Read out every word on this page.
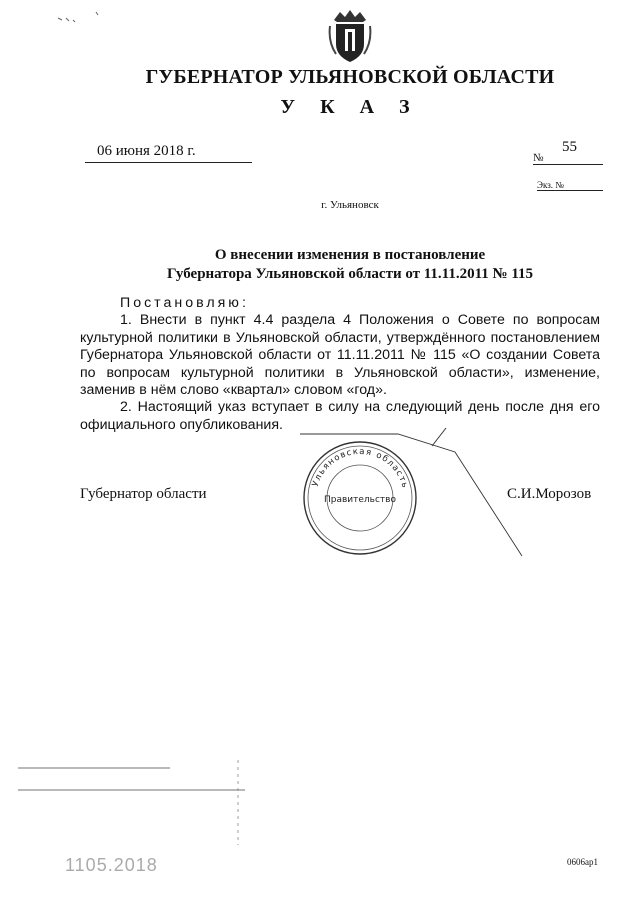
ГУБЕРНАТОР УЛЬЯНОВСКОЙ ОБЛАСТИ
У К А З
06 июня 2018 г.	55
№
Экз. №
г. Ульяновск
О внесении изменения в постановление
Губернатора Ульяновской области от 11.11.2011 № 115
Постановляю:

1. Внести в пункт 4.4 раздела 4 Положения о Совете по вопросам культурной политики в Ульяновской области, утверждённого постановлением Губернатора Ульяновской области от 11.11.2011 № 115 «О создании Совета по вопросам культурной политики в Ульяновской области», изменение, заменив в нём слово «квартал» словом «год».

2. Настоящий указ вступает в силу на следующий день после дня его официального опубликования.

Губернатор области	С.И.Морозов
Ульяновская область
Правительство
1105.2018	0606ар1
